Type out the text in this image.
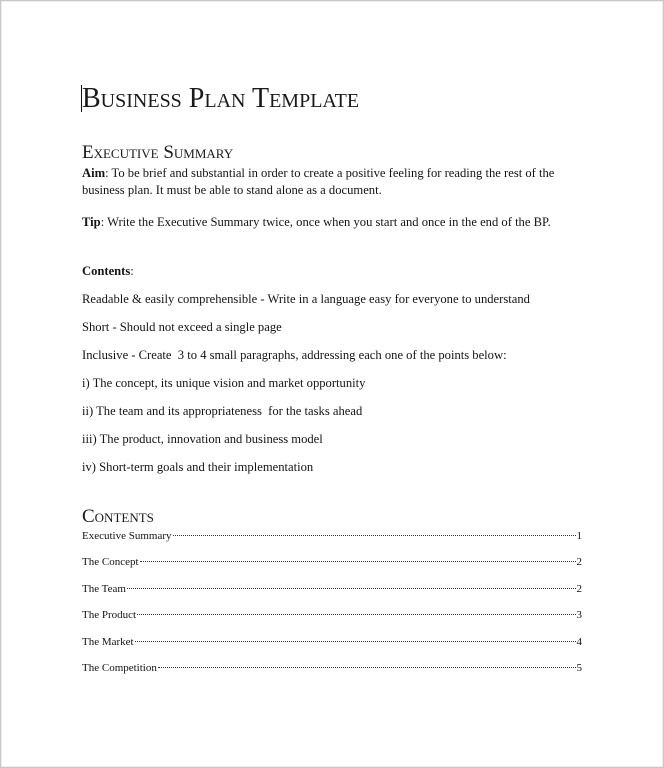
Business Plan Template
Executive Summary

Aim: To be brief and substantial in order to create a positive feeling for reading the rest of the business plan. It must be able to stand alone as a document.

Tip: Write the Executive Summary twice, once when you start and once in the end of the BP.

Contents:

Readable & easily comprehensible - Write in a language easy for everyone to understand

Short - Should not exceed a single page

Inclusive - Create  3 to 4 small paragraphs, addressing each one of the points below:

i) The concept, its unique vision and market opportunity

ii) The team and its appropriateness  for the tasks ahead

iii) The product, innovation and business model

iv) Short-term goals and their implementation

Contents
Executive Summary	1
The Concept	2
The Team	2
The Product	3
The Market	4
The Competition	5
